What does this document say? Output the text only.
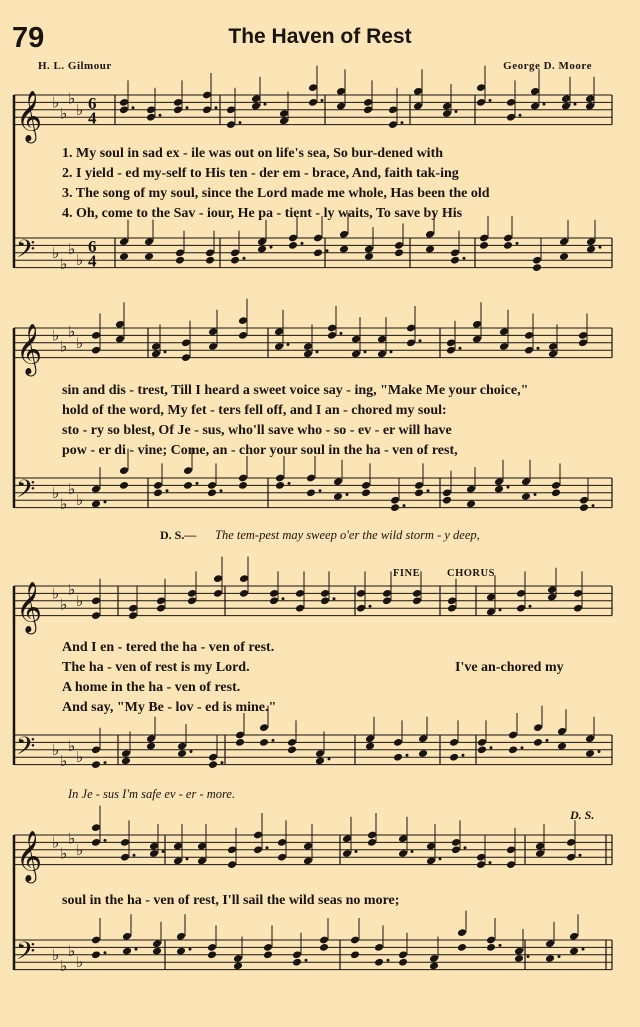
79	The Haven of Rest
H. L. Gilmour	George D. Moore
𝄞 ♭
♭
♭
♭ 6
4
𝄢 ♭
♭
♭
♭
6
4
𝄞 ♭
♭
♭
♭
𝄢 ♭
♭
♭
♭
𝄞 ♭
♭
♭
♭
𝄢 ♭
♭
♭
♭
𝄞 ♭
♭
♭
♭
𝄢 ♭
♭
♭
♭
1. My soul in sad ex - ile was out on life's sea, So bur-dened with
2. I yield - ed my-self to His ten - der em - brace, And, faith tak-ing
3. The song of my soul, since the Lord made me whole, Has been the old
4. Oh, come to the Sav - iour, He pa - tient - ly waits, To save by His
sin and dis - trest, Till I heard a sweet voice say - ing, "Make Me your choice,"
hold of the word, My fet - ters fell off, and I an - chored my soul:
sto - ry so blest, Of Je - sus, who'll save who - so - ev - er will have
pow - er di - vine; Come, an - chor your soul in the ha - ven of rest,
D. S.— The tem-pest may sweep o'er the wild storm - y deep,
FINE	CHORUS
And I en - tered the ha - ven of rest.
The ha - ven of rest is my Lord.
A home in the ha - ven of rest.
And say, "My Be - lov - ed is mine."
I've an-chored my
In Je - sus I'm safe ev - er - more.
D. S.
soul in the ha - ven of rest, I'll sail the wild seas no more;
